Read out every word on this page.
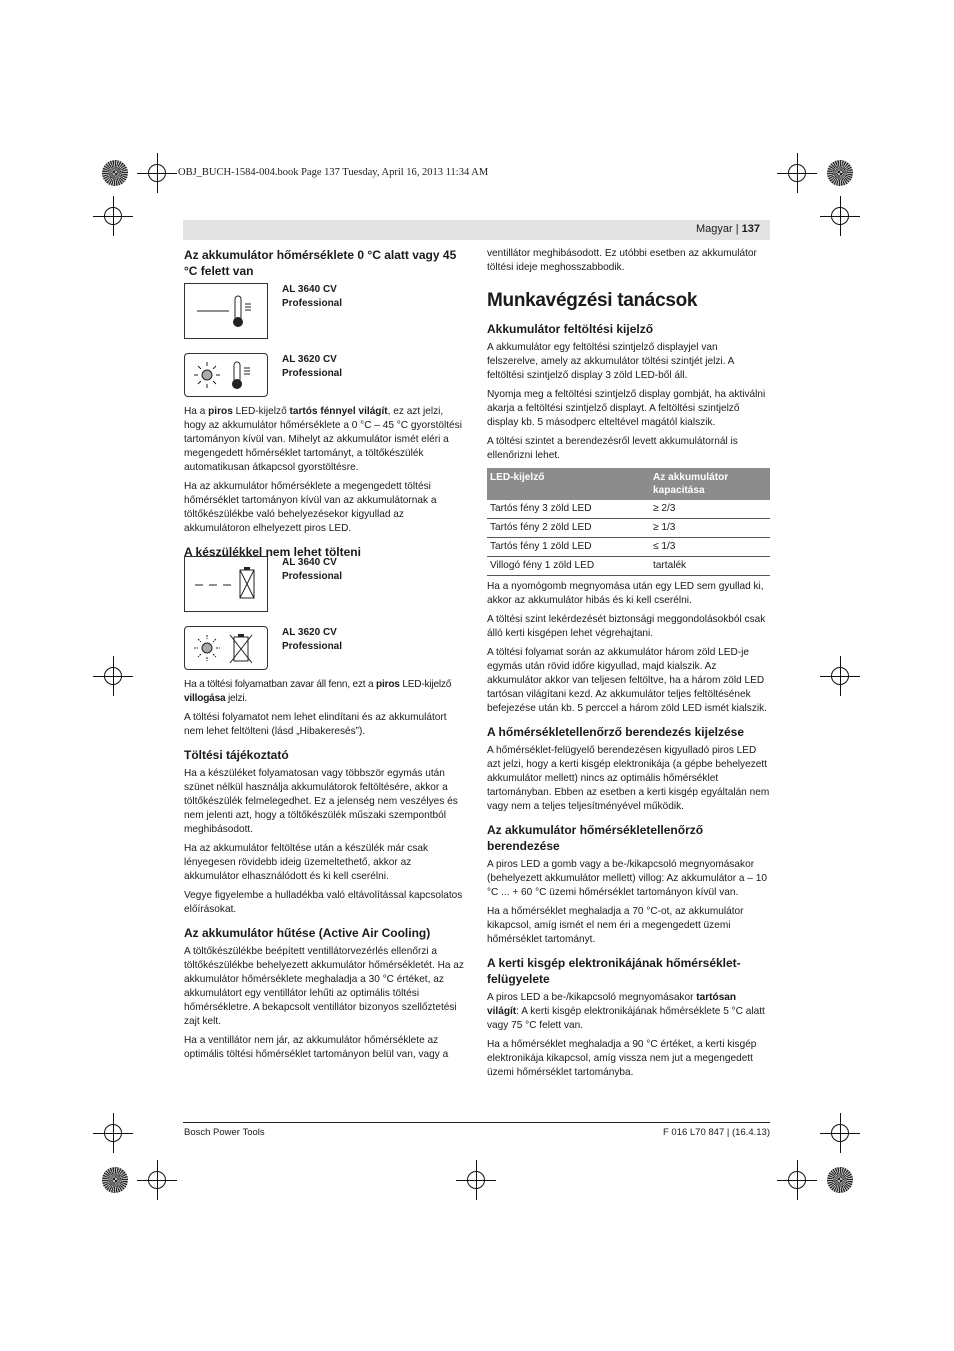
OBJ_BUCH-1584-004.book Page 137 Tuesday, April 16, 2013 11:34 AM
Magyar | 137
Az akkumulátor hőmérséklete 0 °C alatt vagy 45 °C felett van
AL 3640 CV
Professional
AL 3620 CV
Professional

Ha a piros LED-kijelző tartós fénnyel világít, ez azt jelzi, hogy az akkumulátor hőmérséklete a 0 °C – 45 °C gyorstöltési tartományon kívül van. Mihelyt az akkumulátor ismét eléri a megengedett hőmérséklet tartományt, a töltőkészülék automatikusan átkapcsol gyorstöltésre.

Ha az akkumulátor hőmérséklete a megengedett töltési hőmérséklet tartományon kívül van az akkumulátornak a töltőkészülékbe való behelyezésekor kigyullad az akkumulátoron elhelyezett piros LED.

A készülékkel nem lehet tölteni
AL 3640 CV
Professional
AL 3620 CV
Professional

Ha a töltési folyamatban zavar áll fenn, ezt a piros LED-kijelző villogása jelzi.

A töltési folyamatot nem lehet elindítani és az akkumulátort nem lehet feltölteni (lásd „Hibakeresés”).

Töltési tájékoztató

Ha a készüléket folyamatosan vagy többször egymás után szünet nélkül használja akkumulátorok feltöltésére, akkor a töltőkészülék felmelegedhet. Ez a jelenség nem veszélyes és nem jelenti azt, hogy a töltőkészülék műszaki szempontból meghibásodott.

Ha az akkumulátor feltöltése után a készülék már csak lényegesen rövidebb ideig üzemeltethető, akkor az akkumulátor elhasználódott és ki kell cserélni.

Vegye figyelembe a hulladékba való eltávolítással kapcsolatos előírásokat.

Az akkumulátor hűtése (Active Air Cooling)

A töltőkészülékbe beépített ventillátorvezérlés ellenőrzi a töltőkészülékbe behelyezett akkumulátor hőmérsékletét. Ha az akkumulátor hőmérséklete meghaladja a 30 °C értéket, az akkumulátort egy ventillátor lehűti az optimális töltési hőmérsékletre. A bekapcsolt ventillátor bizonyos szellőztetési zajt kelt.

Ha a ventillátor nem jár, az akkumulátor hőmérséklete az optimális töltési hőmérséklet tartományon belül van, vagy a

ventillátor meghibásodott. Ez utóbbi esetben az akkumulátor töltési ideje meghosszabbodik.

Munkavégzési tanácsok
Akkumulátor feltöltési kijelző

A akkumulátor egy feltöltési szintjelző displayjel van felszerelve, amely az akkumulátor töltési szintjét jelzi. A feltöltési szintjelző display 3 zöld LED-ből áll.

Nyomja meg a feltöltési szintjelző display gombját, ha aktiválni akarja a feltöltési szintjelző displayt. A feltöltési szintjelző display kb. 5 másodperc elteltével magától kialszik.

A töltési szintet a berendezésről levett akkumulátornál is ellenőrizni lehet.

LED-kijelző	Az akkumulátor kapacitása
Tartós fény 3 zöld LED	≥ 2/3
Tartós fény 2 zöld LED	≥ 1/3
Tartós fény 1 zöld LED	≤ 1/3
Villogó fény 1 zöld LED	tartalék

Ha a nyomógomb megnyomása után egy LED sem gyullad ki, akkor az akkumulátor hibás és ki kell cserélni.

A töltési szint lekérdezését biztonsági meggondolásokból csak álló kerti kisgépen lehet végrehajtani.

A töltési folyamat során az akkumulátor három zöld LED-je egymás után rövid időre kigyullad, majd kialszik. Az akkumulátor akkor van teljesen feltöltve, ha a három zöld LED tartósan világítani kezd. Az akkumulátor teljes feltöltésének befejezése után kb. 5 perccel a három zöld LED ismét kialszik.

A hőmérsékletellenőrző berendezés kijelzése

A hőmérséklet-felügyelő berendezésen kigyulladó piros LED azt jelzi, hogy a kerti kisgép elektronikája (a gépbe behelyezett akkumulátor mellett) nincs az optimális hőmérséklet tartományban. Ebben az esetben a kerti kisgép egyáltalán nem vagy nem a teljes teljesítményével működik.

Az akkumulátor hőmérsékletellenőrző berendezése

A piros LED a gomb vagy a be-/kikapcsoló megnyomásakor (behelyezett akkumulátor mellett) villog: Az akkumulátor a – 10 °C ... + 60 °C üzemi hőmérséklet tartományon kívül van.

Ha a hőmérséklet meghaladja a 70 °C-ot, az akkumulátor kikapcsol, amíg ismét el nem éri a megengedett üzemi hőmérséklet tartományt.

A kerti kisgép elektronikájának hőmérséklet-felügyelete

A piros LED a be-/kikapcsoló megnyomásakor tartósan világít: A kerti kisgép elektronikájának hőmérséklete 5 °C alatt vagy 75 °C felett van.

Ha a hőmérséklet meghaladja a 90 °C értéket, a kerti kisgép elektronikája kikapcsol, amíg vissza nem jut a megengedett üzemi hőmérséklet tartományba.

Bosch Power Tools	F 016 L70 847 | (16.4.13)
